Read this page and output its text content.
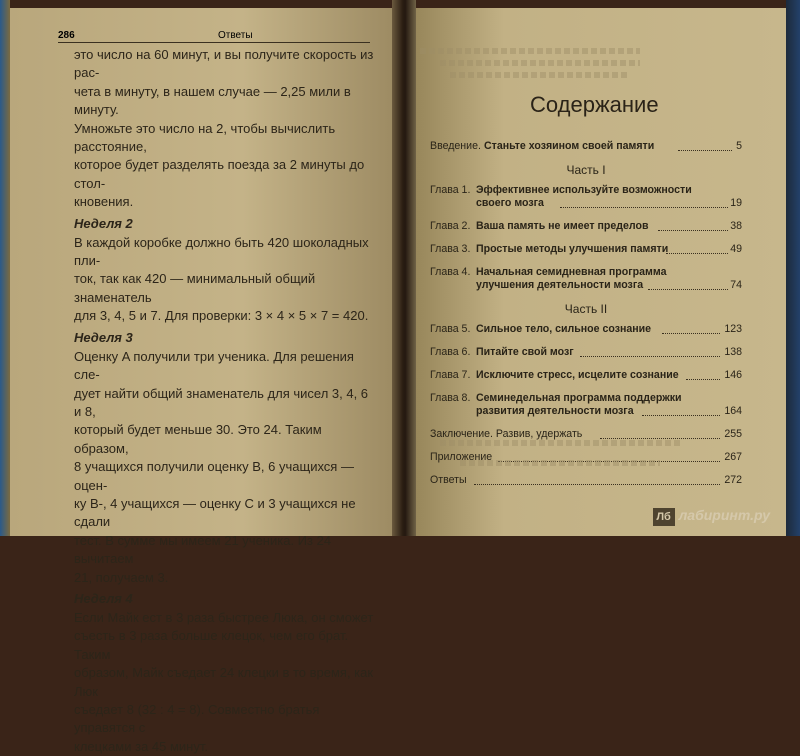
286	Ответы

это число на 60 минут, и вы получите скорость из рас-

чета в минуту, в нашем случае — 2,25 мили в минуту.

Умножьте это число на 2, чтобы вычислить расстояние,

которое будет разделять поезда за 2 минуты до стол-

кновения.

Неделя 2

В каждой коробке должно быть 420 шоколадных пли-

ток, так как 420 — минимальный общий знаменатель

для 3, 4, 5 и 7. Для проверки: 3 × 4 × 5 × 7 = 420.

Неделя 3

Оценку A получили три ученика. Для решения сле-

дует найти общий знаменатель для чисел 3, 4, 6 и 8,

который будет меньше 30. Это 24. Таким образом,

8 учащихся получили оценку B, 6 учащихся — оцен-

ку B-, 4 учащихся — оценку C и 3 учащихся не сдали

тест. В сумме мы имеем 21 ученика. Из 24 вычитаем

21, получаем 3.

Неделя 4

Если Майк ест в 3 раза быстрее Люка, он сможет

съесть в 3 раза больше клецок, чем его брат. Таким

образом, Майк съедает 24 клецки в то время, как Люк

съедает 8 (32 : 4 = 8). Совместно братья управятся с

клецками за 45 минут.

Содержание
Введение. Станьте хозяином своей памяти	5
Часть I
Глава 1. Эффективнее используйте возможности
своего мозга	19
Глава 2. Ваша память не имеет пределов	38
Глава 3. Простые методы улучшения памяти	49
Глава 4. Начальная семидневная программа
улучшения деятельности мозга	74
Часть II
Глава 5. Сильное тело, сильное сознание	123
Глава 6. Питайте свой мозг	138
Глава 7. Исключите стресс, исцелите сознание	146
Глава 8. Семинедельная программа поддержки
развития деятельности мозга	164
Заключение. Развив, удержать	255
Приложение	267
Ответы	272
Лб лабиринт.ру
